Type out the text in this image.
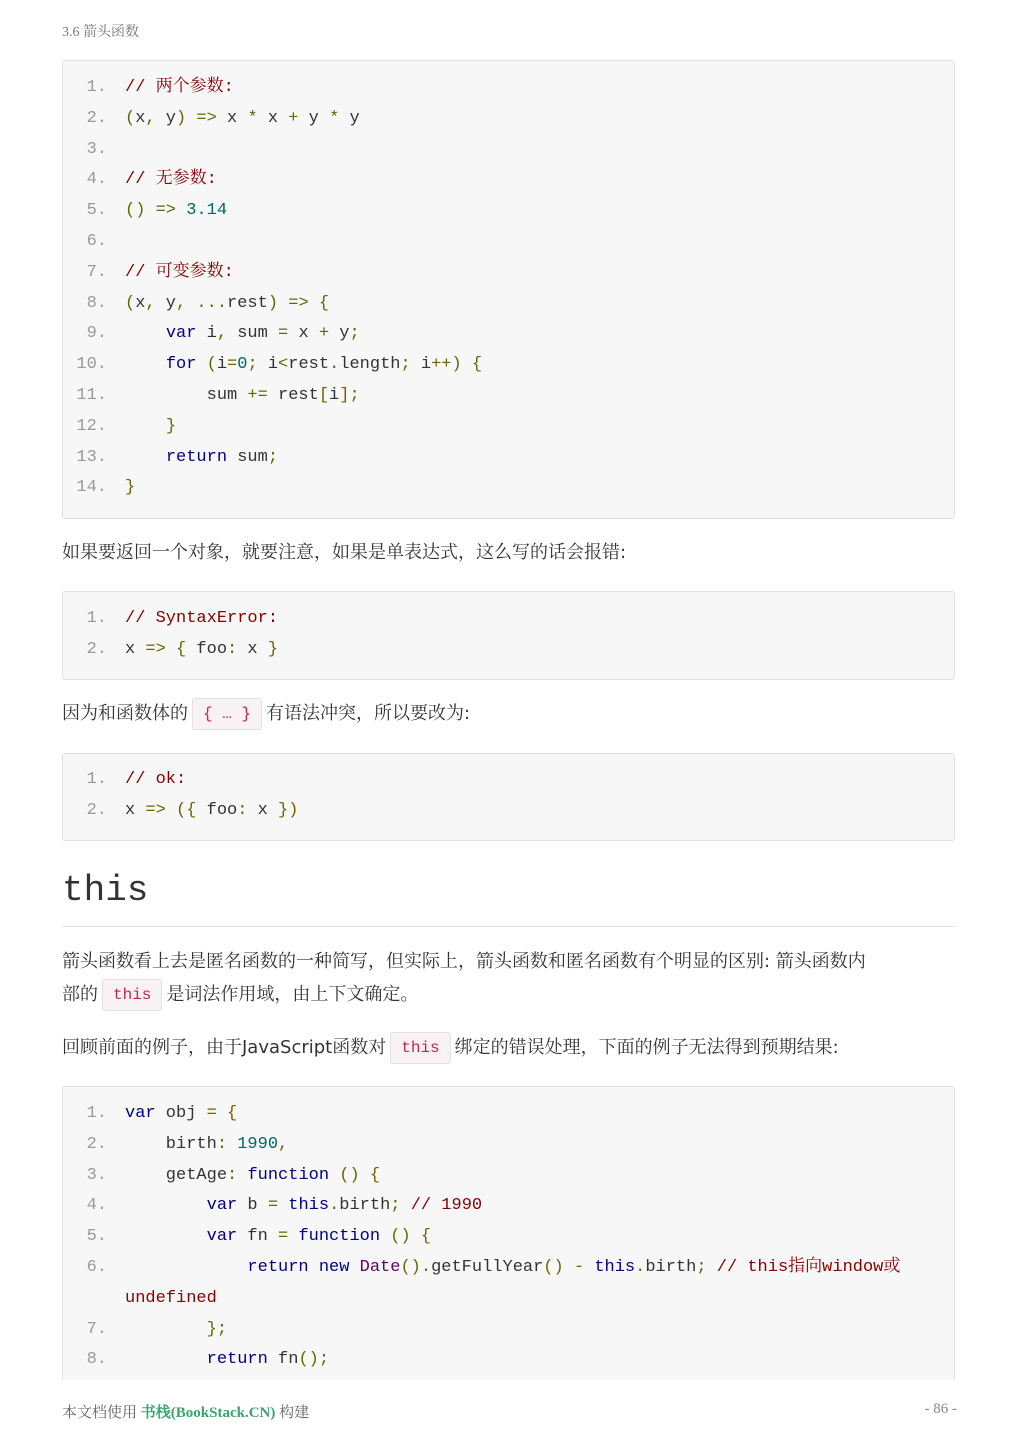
3.6 箭头函数
1. // 两个参数:
2. (x, y) => x * x + y * y
3.
4. // 无参数:
5. () => 3.14
6.
7. // 可变参数:
8. (x, y, ...rest) => {
9.	var i, sum = x + y;
10.	for (i=0; i<rest.length; i++) {
11. sum += rest[i];
12.	}
13.	return sum;
14. }
如果要返回一个对象，就要注意，如果是单表达式，这么写的话会报错:
1. // SyntaxError:
2. x => { foo: x }
因为和函数体的 { … } 有语法冲突，所以要改为:
1. // ok:
2. x => ({ foo: x })
this
箭头函数看上去是匿名函数的一种简写，但实际上，箭头函数和匿名函数有个明显的区别: 箭头函数内
部的 this 是词法作用域，由上下文确定。
回顾前面的例子，由于JavaScript函数对 this 绑定的错误处理，下面的例子无法得到预期结果:
1. var obj = {
2. birth: 1990,
3. getAge: function () {
4.	var b = this.birth; // 1990
5.	var fn = function () {
6.	return new Date().getFullYear() - this.birth; // this指向window或
undefined
7.	};
8.	return fn();
本文档使用 书栈(BookStack.CN) 构建	- 86 -
